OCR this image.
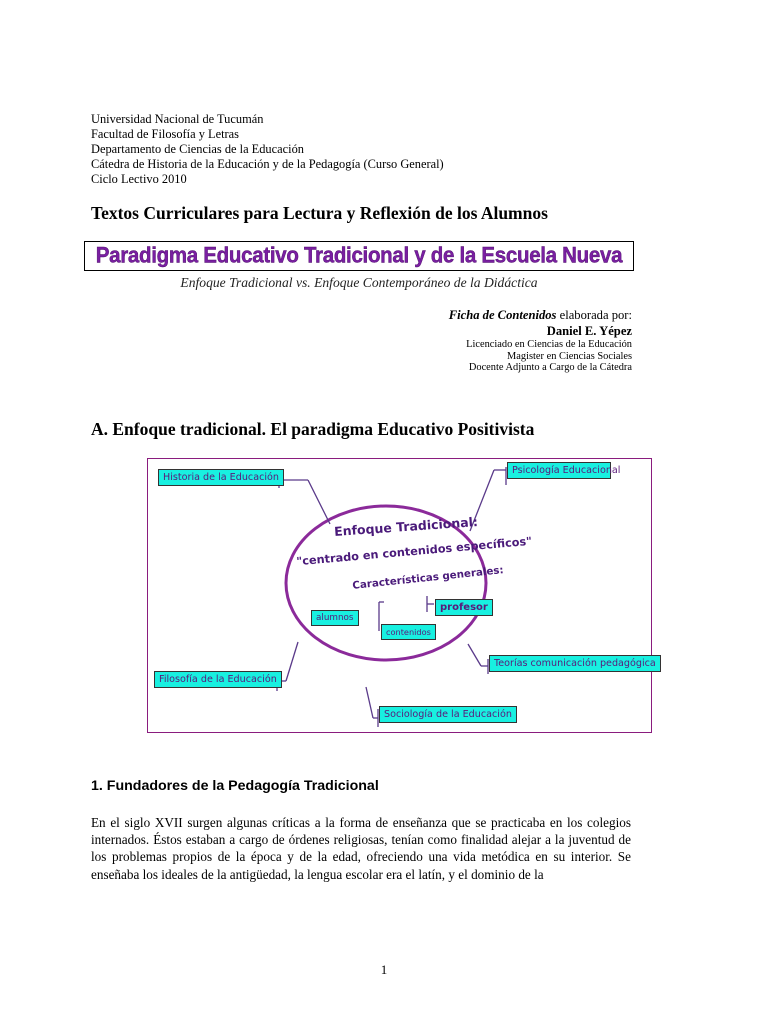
Universidad Nacional de Tucumán
Facultad de Filosofía y Letras
Departamento de Ciencias de la Educación
Cátedra de Historia de la Educación y de la Pedagogía (Curso General)
Ciclo Lectivo 2010
Textos Curriculares para Lectura y Reflexión de los Alumnos
Paradigma Educativo Tradicional y de la Escuela Nueva
Enfoque Tradicional vs. Enfoque Contemporáneo de la Didáctica
Ficha de Contenidos elaborada por:
Daniel E. Yépez
Licenciado en Ciencias de la Educación
Magister en Ciencias Sociales
Docente Adjunto a Cargo de la Cátedra
A. Enfoque tradicional. El paradigma Educativo Positivista
Enfoque Tradicional:
"centrado en contenidos específicos"
Características generales:
alumnos
contenidos
profesor
Historia de la Educación
Psicología Educacional
Filosofía de la Educación
Teorías comunicación pedagógica
Sociología de la Educación
1. Fundadores de la Pedagogía Tradicional
En el siglo XVII surgen algunas críticas a la forma de enseñanza que se practicaba en los colegios internados. Éstos estaban a cargo de órdenes religiosas, tenían como finalidad alejar a la juventud de los problemas propios de la época y de la edad, ofreciendo una vida metódica en su interior. Se enseñaba los ideales de la antigüedad, la lengua escolar era el latín, y el dominio de la
1
